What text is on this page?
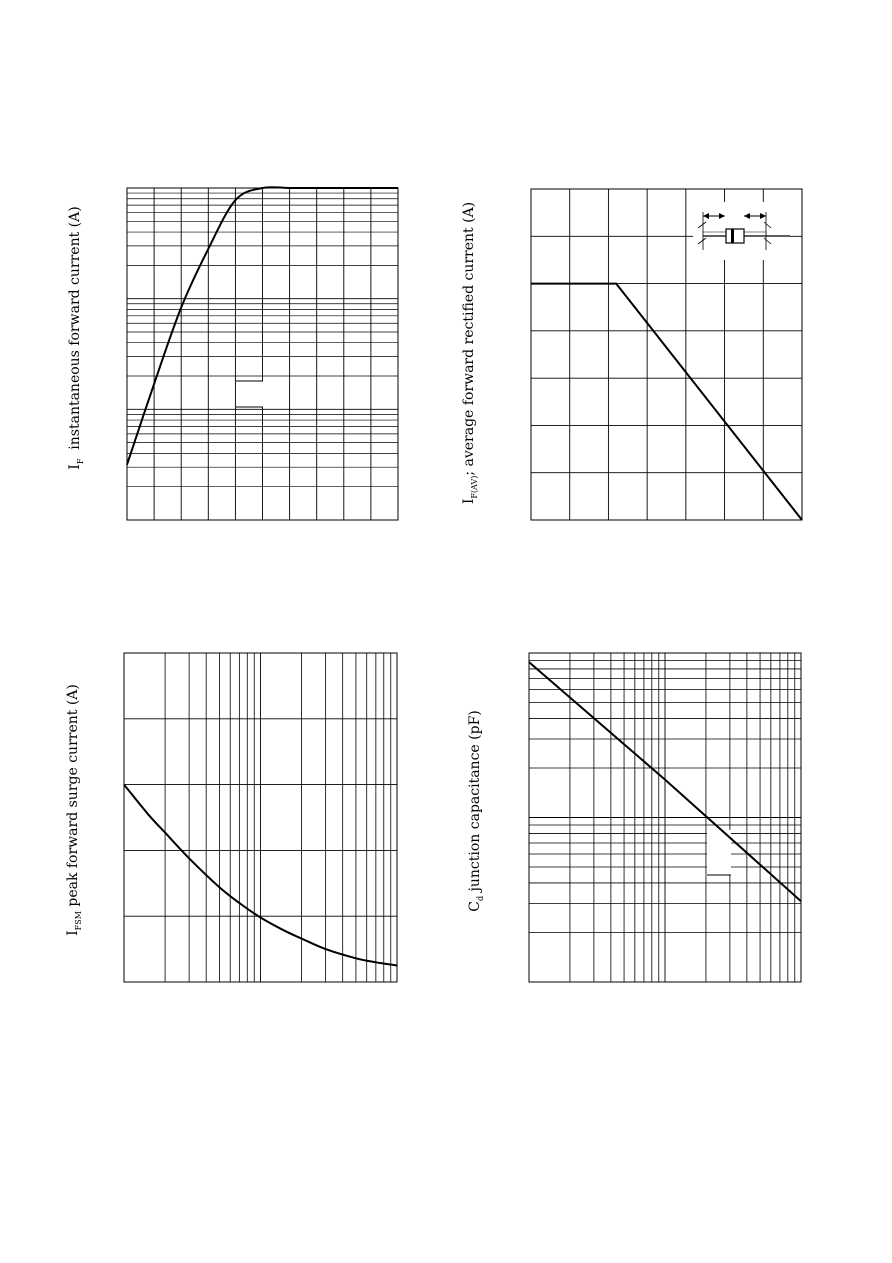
$I_F$  instantaneous forward current (A)
$I_{F(AV)}$; average forward rectified current (A)
$I_{FSM}$ peak forward surge current (A)	$C_d$ junction capacitance (pF)
